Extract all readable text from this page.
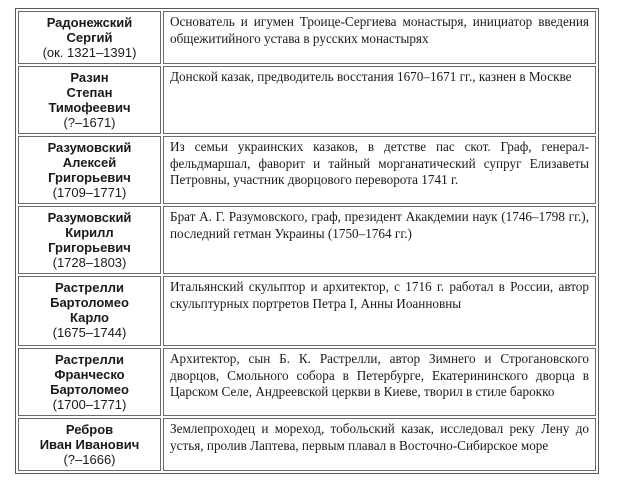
Радонежский
Сергий
(ок. 1321–1391)	Основатель и игумен Троице-Сергиева монастыря, инициатор введения общежитийного устава в русских монастырях

Разин
Степан
Тимофеевич
(?–1671)	Донской казак, предводитель восстания 1670–1671 гг., казнен в Москве

Разумовский
Алексей
Григорьевич
(1709–1771)	Из семьи украинских казаков, в детстве пас скот. Граф, генерал-фельдмаршал, фаворит и тайный морганатический супруг Елизаветы Петровны, участник дворцового переворота 1741 г.

Разумовский
Кирилл
Григорьевич
(1728–1803)	Брат А. Г. Разумовского, граф, президент Акакдемии наук (1746–1798 гг.), последний гетман Украины (1750–1764 гг.)

Растрелли
Бартоломео
Карло
(1675–1744)	Итальянский скульптор и архитектор, с 1716 г. работал в России, автор скульптурных портретов Петра I, Анны Иоанновны

Растрелли
Франческо
Бартоломео
(1700–1771)	Архитектор, сын Б. К. Растрелли, автор Зимнего и Строгановского дворцов, Смольного собора в Петербурге, Екатерининского дворца в Царском Селе, Андреевской церкви в Киеве, творил в стиле барокко

Ребров
Иван Иванович
(?–1666)	Землепроходец и мореход, тобольский казак, исследовал реку Лену до устья, пролив Лаптева, первым плавал в Восточно-Сибирское море
